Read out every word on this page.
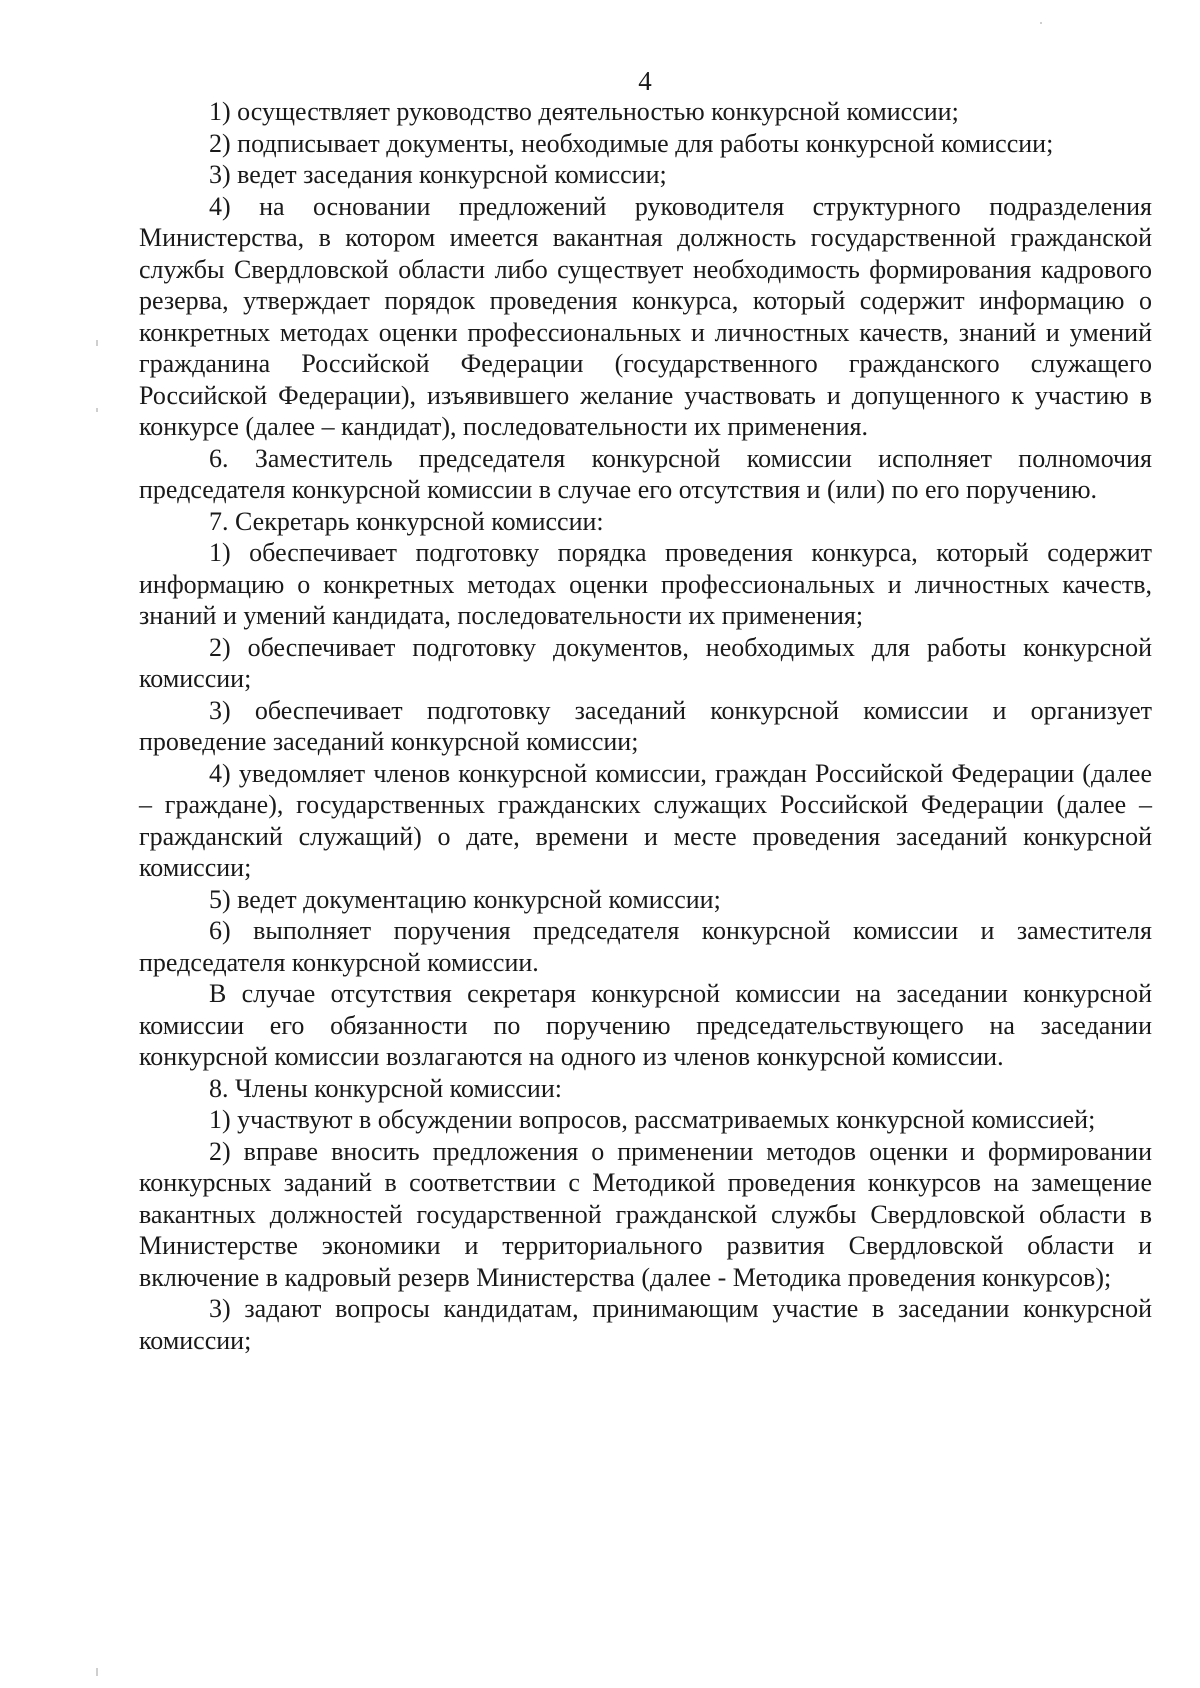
4

1) осуществляет руководство деятельностью конкурсной комиссии;

2) подписывает документы, необходимые для работы конкурсной комиссии;

3) ведет заседания конкурсной комиссии;

4) на основании предложений руководителя структурного подразделения Министерства, в котором имеется вакантная должность государственной гражданской службы Свердловской области либо существует необходимость формирования кадрового резерва, утверждает порядок проведения конкурса, который содержит информацию о конкретных методах оценки профессиональных и личностных качеств, знаний и умений гражданина Российской Федерации (государственного гражданского служащего Российской Федерации), изъявившего желание участвовать и допущенного к участию в конкурсе (далее – кандидат), последовательности их применения.

6. Заместитель председателя конкурсной комиссии исполняет полномочия председателя конкурсной комиссии в случае его отсутствия и (или) по его поручению.

7. Секретарь конкурсной комиссии:

1) обеспечивает подготовку порядка проведения конкурса, который содержит информацию о конкретных методах оценки профессиональных и личностных качеств, знаний и умений кандидата, последовательности их применения;

2) обеспечивает подготовку документов, необходимых для работы конкурсной комиссии;

3) обеспечивает подготовку заседаний конкурсной комиссии и организует проведение заседаний конкурсной комиссии;

4) уведомляет членов конкурсной комиссии, граждан Российской Федерации (далее – граждане), государственных гражданских служащих Российской Федерации (далее – гражданский служащий) о дате, времени и месте проведения заседаний конкурсной комиссии;

5) ведет документацию конкурсной комиссии;

6) выполняет поручения председателя конкурсной комиссии и заместителя председателя конкурсной комиссии.

В случае отсутствия секретаря конкурсной комиссии на заседании конкурсной комиссии его обязанности по поручению председательствующего на заседании конкурсной комиссии возлагаются на одного из членов конкурсной комиссии.

8. Члены конкурсной комиссии:

1) участвуют в обсуждении вопросов, рассматриваемых конкурсной комиссией;

2) вправе вносить предложения о применении методов оценки и формировании конкурсных заданий в соответствии с Методикой проведения конкурсов на замещение вакантных должностей государственной гражданской службы Свердловской области в Министерстве экономики и территориального развития Свердловской области и включение в кадровый резерв Министерства (далее - Методика проведения конкурсов);

3) задают вопросы кандидатам, принимающим участие в заседании конкурсной комиссии;
